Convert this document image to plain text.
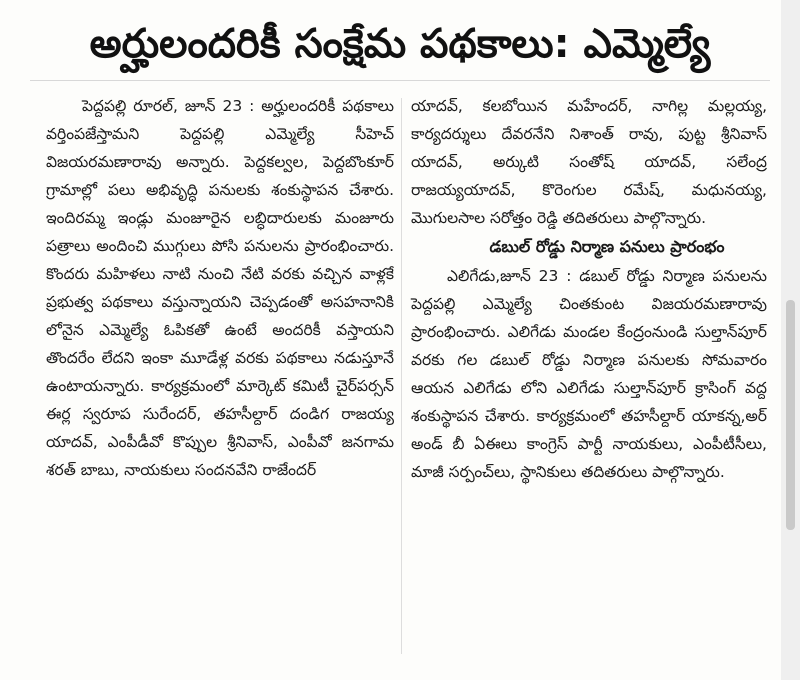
అర్హులందరికీ సంక్షేమ పథకాలు: ఎమ్మెల్యే

పెద్దపల్లి రూరల్‌, జూన్‌ 23 : అర్హులందరికీ పథకాలు వర్తింపజేస్తామని పెద్దపల్లి ఎమ్మెల్యే సీహెచ్‌ విజయరమణారావు అన్నారు. పెద్దకల్వల, పెద్దబొంకూర్‌ గ్రామాల్లో పలు అభివృద్ధి పనులకు శంకుస్థాపన చేశారు. ఇందిరమ్మ ఇండ్లు మంజూరైన లబ్ధిదారులకు మంజూరు పత్రాలు అందించి ముగ్గులు పోసి పనులను ప్రారంభించారు. కొందరు మహిళలు నాటి నుంచి నేటి వరకు వచ్చిన వాళ్లకే ప్రభుత్వ పథకాలు వస్తున్నాయని చెప్పడంతో అసహనానికి లోనైన ఎమ్మెల్యే ఓపికతో ఉంటే అందరికీ వస్తాయని తొందరేం లేదని ఇంకా మూడేళ్ల వరకు పథకాలు నడుస్తూనే ఉంటాయన్నారు. కార్యక్రమంలో మార్కెట్‌ కమిటీ చైర్‌పర్సన్‌ ఈర్ల స్వరూప సురేందర్‌, తహసీల్దార్‌ దండిగ రాజయ్య యాదవ్‌, ఎంపీడీవో కొప్పుల శ్రీనివాస్‌, ఎంపీవో జనగామ శరత్‌ బాబు, నాయకులు సందనవేని రాజేందర్‌

యాదవ్‌, కలబోయిన మహేందర్‌, నాగిల్ల మల్లయ్య, కార్యదర్శులు దేవరనేని నిశాంత్‌ రావు, పుట్ట శ్రీనివాస్‌ యాదవ్‌, అర్కుటి సంతోష్‌ యాదవ్‌, సలేంద్ర రాజయ్యయాదవ్‌, కొరెంగుల రమేష్‌, మధునయ్య, మొగులసాల సరోత్తం రెడ్డి తదితరులు పాల్గొన్నారు.

డబుల్‌ రోడ్డు నిర్మాణ పనులు ప్రారంభం

ఎలిగేడు,జూన్‌ 23 : డబుల్‌ రోడ్డు నిర్మాణ పనులను పెద్దపల్లి ఎమ్మెల్యే చింతకుంట విజయరమణారావు ప్రారంభించారు. ఎలిగేడు మండల కేంద్రంనుండి సుల్తాన్‌పూర్‌ వరకు గల డబుల్‌ రోడ్డు నిర్మాణ పనులకు సోమవారం ఆయన ఎలిగేడు లోని ఎలిగేడు సుల్తాన్‌పూర్‌ క్రాసింగ్‌ వద్ద శంకుస్థాపన చేశారు. కార్యక్రమంలో తహసీల్దార్‌ యాకన్న,అర్‌ అండ్‌ బీ ఏఈలు కాంగ్రెస్‌ పార్టీ నాయకులు, ఎంపీటీసీలు, మాజీ సర్పంచ్‌లు, స్థానికులు తదితరులు పాల్గొన్నారు.
